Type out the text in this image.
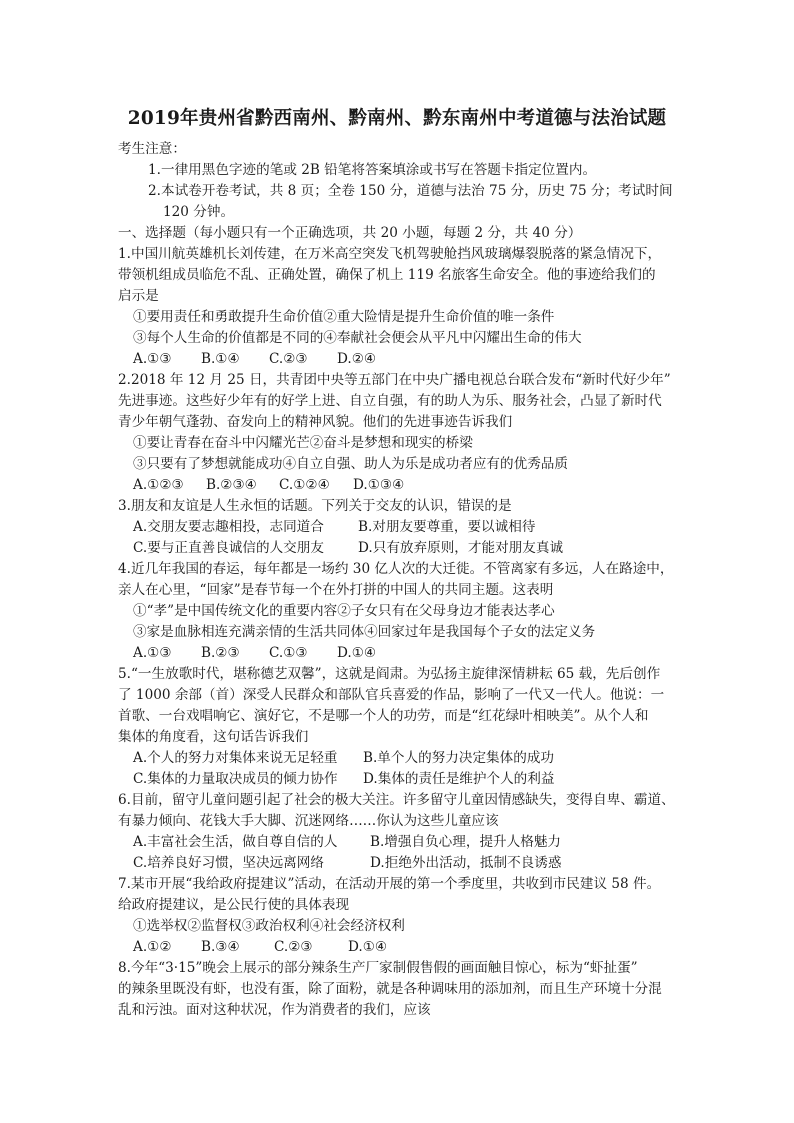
2019年贵州省黔西南州、黔南州、黔东南州中考道德与法治试题
考生注意：
1.一律用黑色字迹的笔或 2B 铅笔将答案填涂或书写在答题卡指定位置内。
2.本试卷开卷考试，共 8 页；全卷 150 分，道德与法治 75 分，历史 75 分；考试时间
120 分钟。
一、选择题（每小题只有一个正确选项，共 20 小题，每题 2 分，共 40 分）
1.中国川航英雄机长刘传建，在万米高空突发飞机驾驶舱挡风玻璃爆裂脱落的紧急情况下，
带领机组成员临危不乱、正确处置，确保了机上 119 名旅客生命安全。他的事迹给我们的
启示是
①要用责任和勇敢提升生命价值②重大险情是提升生命价值的唯一条件
③每个人生命的价值都是不同的④奉献社会便会从平凡中闪耀出生命的伟大
A.①③ B.①④ C.②③ D.②④
2.2018 年 12 月 25 日，共青团中央等五部门在中央广播电视总台联合发布“新时代好少年”
先进事迹。这些好少年有的好学上进、自立自强，有的助人为乐、服务社会，凸显了新时代
青少年朝气蓬勃、奋发向上的精神风貌。他们的先进事迹告诉我们
①要让青春在奋斗中闪耀光芒②奋斗是梦想和现实的桥梁
③只要有了梦想就能成功④自立自强、助人为乐是成功者应有的优秀品质
A.①②③ B.②③④ C.①②④ D.①③④
3.朋友和友谊是人生永恒的话题。下列关于交友的认识，错误的是
A.交朋友要志趣相投，志同道合	B.对朋友要尊重，要以诚相待
C.要与正直善良诚信的人交朋友	D.只有放弃原则，才能对朋友真诚
4.近几年我国的春运，每年都是一场约 30 亿人次的大迁徙。不管离家有多远，人在路途中，
亲人在心里，“回家”是春节每一个在外打拼的中国人的共同主题。这表明
①“孝”是中国传统文化的重要内容②子女只有在父母身边才能表达孝心
③家是血脉相连充满亲情的生活共同体④回家过年是我国每个子女的法定义务
A.①③ B.②③ C.①③ D.①④
5.“一生放歌时代，堪称德艺双馨”，这就是阎肃。为弘扬主旋律深情耕耘 65 载，先后创作
了 1000 余部（首）深受人民群众和部队官兵喜爱的作品，影响了一代又一代人。他说：一
首歌、一台戏唱响它、演好它，不是哪一个人的功劳，而是“红花绿叶相映美”。从个人和
集体的角度看，这句话告诉我们
A.个人的努力对集体来说无足轻重 B.单个人的努力决定集体的成功
C.集体的力量取决成员的倾力协作 D.集体的责任是维护个人的利益
6.目前，留守儿童问题引起了社会的极大关注。许多留守儿童因情感缺失，变得自卑、霸道、
有暴力倾向、花钱大手大脚、沉迷网络……你认为这些儿童应该
A.丰富社会生活，做自尊自信的人 B.增强自负心理，提升人格魅力
C.培养良好习惯，坚决远离网络	D.拒绝外出活动，抵制不良诱惑
7.某市开展“我给政府提建议”活动，在活动开展的第一个季度里，共收到市民建议 58 件。
给政府提建议，是公民行使的具体表现
①选举权②监督权③政治权利④社会经济权利
A.①② B.③④	C.②③	D.①④
8.今年“3·15”晚会上展示的部分辣条生产厂家制假售假的画面触目惊心，标为“虾扯蛋”
的辣条里既没有虾，也没有蛋，除了面粉，就是各种调味用的添加剂，而且生产环境十分混
乱和污浊。面对这种状况，作为消费者的我们，应该
